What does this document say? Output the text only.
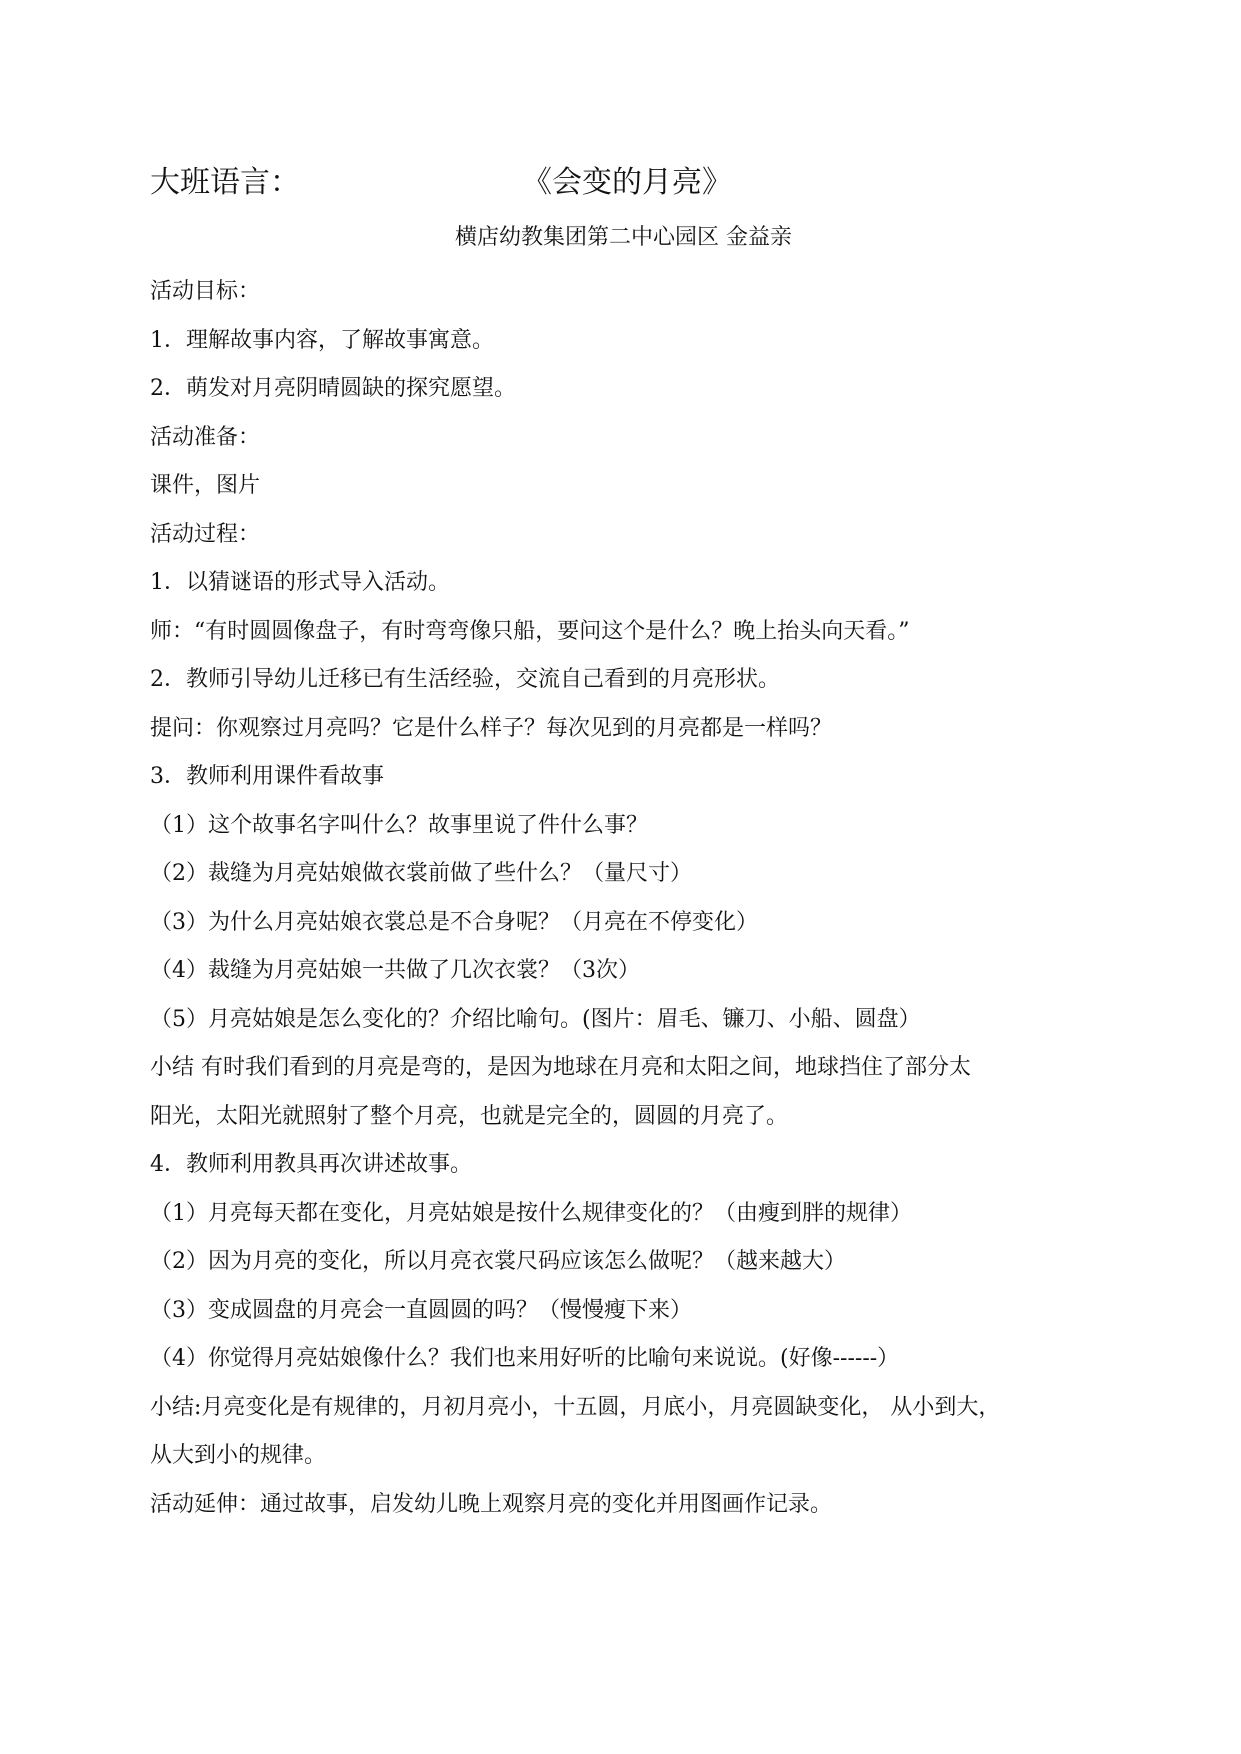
大班语言：	《会变的月亮》
横店幼教集团第二中心园区 金益亲
活动目标：
1．理解故事内容，了解故事寓意。
2．萌发对月亮阴晴圆缺的探究愿望。
活动准备：
课件，图片
活动过程：
1．以猜谜语的形式导入活动。
师：“有时圆圆像盘子，有时弯弯像只船，要问这个是什么？晚上抬头向天看。”
2．教师引导幼儿迁移已有生活经验，交流自己看到的月亮形状。
提问：你观察过月亮吗？它是什么样子？每次见到的月亮都是一样吗？
3．教师利用课件看故事
（1）这个故事名字叫什么？故事里说了件什么事？
（2）裁缝为月亮姑娘做衣裳前做了些什么？（量尺寸）
（3）为什么月亮姑娘衣裳总是不合身呢？（月亮在不停变化）
（4）裁缝为月亮姑娘一共做了几次衣裳？（3次）
（5）月亮姑娘是怎么变化的？介绍比喻句。(图片：眉毛、镰刀、小船、圆盘）
小结 有时我们看到的月亮是弯的，是因为地球在月亮和太阳之间，地球挡住了部分太
阳光，太阳光就照射了整个月亮，也就是完全的，圆圆的月亮了。
4．教师利用教具再次讲述故事。
（1）月亮每天都在变化，月亮姑娘是按什么规律变化的？（由瘦到胖的规律）
（2）因为月亮的变化，所以月亮衣裳尺码应该怎么做呢？（越来越大）
（3）变成圆盘的月亮会一直圆圆的吗？（慢慢瘦下来）
（4）你觉得月亮姑娘像什么？我们也来用好听的比喻句来说说。(好像------）
小结:月亮变化是有规律的，月初月亮小，十五圆，月底小，月亮圆缺变化， 从小到大，
从大到小的规律。
活动延伸：通过故事，启发幼儿晚上观察月亮的变化并用图画作记录。
